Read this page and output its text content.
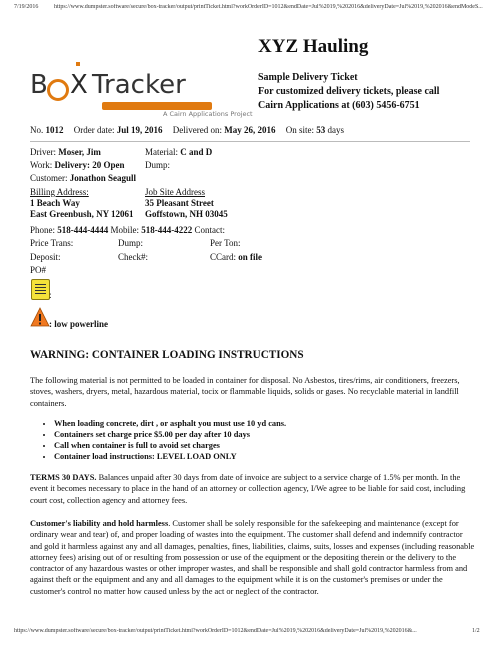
7/19/2016	https://www.dumpster.software/secure/box-tracker/output/printTicket.html?workOrderID=1012&endDate=Jul%2019,%202016&deliveryDate=Jul%2019,%202016&endModeS...
B X Tracker
A Cairn Applications Project
XYZ Hauling
Sample Delivery Ticket
For customized delivery tickets, please call
Cairn Applications at (603) 5456-6751
No. 1012 Order date: Jul 19, 2016 Delivered on: May 26, 2016 On site: 53 days
Driver: Moser, Jim	Material: C and D
Work: Delivery: 20 Open Dump:
Customer: Jonathon Seagull
Billing Address:	Job Site Address
1 Beach Way	35 Pleasant Street
East Greenbush, NY 12061 Goffstown, NH 03045
Phone: 518-444-4444 Mobile: 518-444-4222 Contact:
Price Trans:	Dump:	Per Ton:
Deposit:	Check#:	CCard: on file
PO#
:
: low powerline
WARNING: CONTAINER LOADING INSTRUCTIONS
The following material is not permitted to be loaded in container for disposal. No Asbestos, tires/rims, air conditioners, freezers, stoves, washers, dryers, metal, hazardous material, tocix or flammable liquids, solids or gases. No recyclable material in landfill containers.
• When loading concrete, dirt , or asphalt you must use 10 yd cans.
• Containers set charge price $5.00 per day after 10 days
• Call when container is full to avoid set charges
• Container load instructions: LEVEL LOAD ONLY
TERMS 30 DAYS. Balances unpaid after 30 days from date of invoice are subject to a service charge of 1.5% per month. In the event it becomes necessary to place in the hand of an attorney or collection agency, I/We agree to be liable for said cost, including court cost, collection agency and attorney fees.
Customer's liability and hold harmless. Customer shall be solely responsible for the safekeeping and maintenance (except for ordinary wear and tear) of, and proper loading of wastes into the equipment. The customer shall defend and indemnify contractor and gold it harmless against any and all damages, penalties, fines, liabilities, claims, suits, losses and expenses (including reasonable attorney fees) arising out of or resulting from possession or use of the equipment or the depositing therein or the delivery to the contractor of any hazardous wastes or other improper wastes, and shall be responsible and shall gold contractor harmless from and against theft or the equipment and any and all damages to the equipment while it is on the customer's premises or under the customer's control no matter how caused unless by the act or neglect of the contractor.
https://www.dumpster.software/secure/box-tracker/output/printTicket.html?workOrderID=1012&endDate=Jul%2019,%202016&deliveryDate=Jul%2019,%202016&...	1/2
